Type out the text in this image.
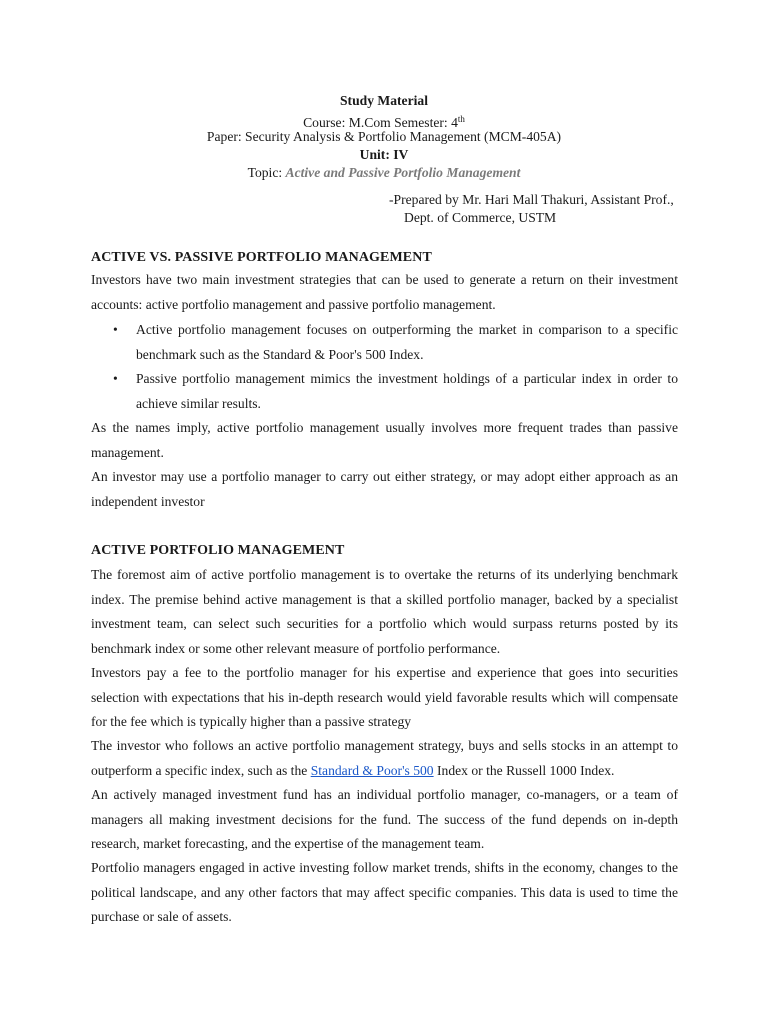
Study Material
Course: M.Com Semester: 4th
Paper: Security Analysis & Portfolio Management (MCM-405A)
Unit: IV
Topic: Active and Passive Portfolio Management
-Prepared by Mr. Hari Mall Thakuri, Assistant Prof.,
Dept. of Commerce, USTM
ACTIVE VS. PASSIVE PORTFOLIO MANAGEMENT
Investors have two main investment strategies that can be used to generate a return on their investment accounts: active portfolio management and passive portfolio management.
•	Active portfolio management focuses on outperforming the market in comparison to a specific benchmark such as the Standard & Poor's 500 Index.
•	Passive portfolio management mimics the investment holdings of a particular index in order to achieve similar results.
As the names imply, active portfolio management usually involves more frequent trades than passive management.
An investor may use a portfolio manager to carry out either strategy, or may adopt either approach as an independent investor
ACTIVE PORTFOLIO MANAGEMENT
The foremost aim of active portfolio management is to overtake the returns of its underlying benchmark index. The premise behind active management is that a skilled portfolio manager, backed by a specialist investment team, can select such securities for a portfolio which would surpass returns posted by its benchmark index or some other relevant measure of portfolio performance.
Investors pay a fee to the portfolio manager for his expertise and experience that goes into securities selection with expectations that his in-depth research would yield favorable results which will compensate for the fee which is typically higher than a passive strategy
The investor who follows an active portfolio management strategy, buys and sells stocks in an attempt to outperform a specific index, such as the Standard & Poor's 500 Index or the Russell 1000 Index.
An actively managed investment fund has an individual portfolio manager, co-managers, or a team of managers all making investment decisions for the fund. The success of the fund depends on in-depth research, market forecasting, and the expertise of the management team.
Portfolio managers engaged in active investing follow market trends, shifts in the economy, changes to the political landscape, and any other factors that may affect specific companies. This data is used to time the purchase or sale of assets.
